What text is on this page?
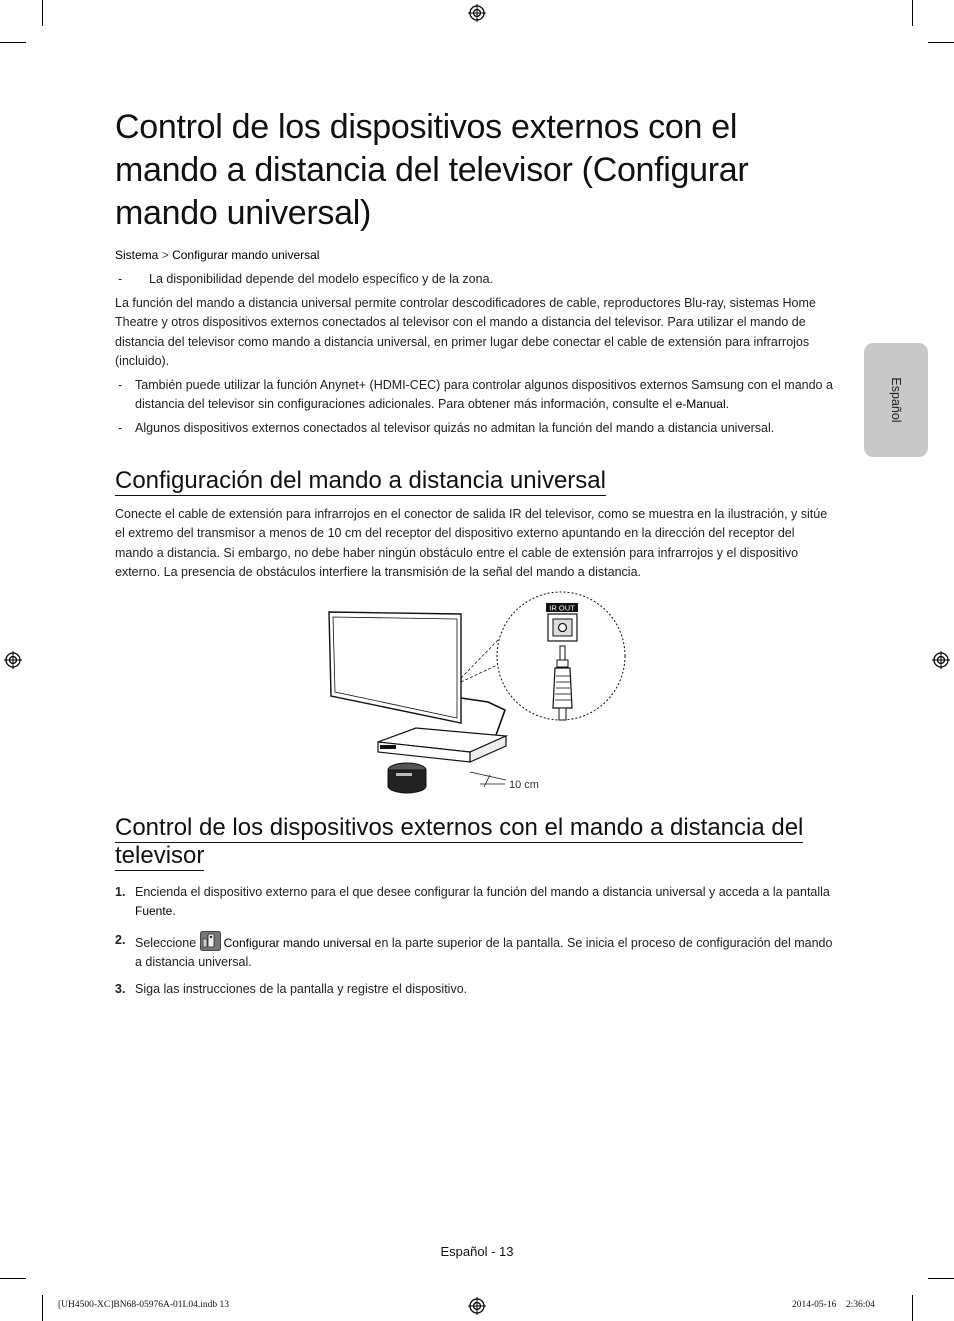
Español
Control de los dispositivos externos con el mando a distancia del televisor (Configurar mando universal)
Sistema > Configurar mando universal
-	La disponibilidad depende del modelo específico y de la zona.

La función del mando a distancia universal permite controlar descodificadores de cable, reproductores Blu-ray, sistemas Home Theatre y otros dispositivos externos conectados al televisor con el mando a distancia del televisor. Para utilizar el mando de distancia del televisor como mando a distancia universal, en primer lugar debe conectar el cable de extensión para infrarrojos (incluido).

-	También puede utilizar la función Anynet+ (HDMI-CEC) para controlar algunos dispositivos externos Samsung con el mando a distancia del televisor sin configuraciones adicionales. Para obtener más información, consulte el e-Manual.
-	Algunos dispositivos externos conectados al televisor quizás no admitan la función del mando a distancia universal.
Configuración del mando a distancia universal

Conecte el cable de extensión para infrarrojos en el conector de salida IR del televisor, como se muestra en la ilustración, y sitúe el extremo del transmisor a menos de 10 cm del receptor del dispositivo externo apuntando en la dirección del receptor del mando a distancia. Si embargo, no debe haber ningún obstáculo entre el cable de extensión para infrarrojos y el dispositivo externo. La presencia de obstáculos interfiere la transmisión de la señal del mando a distancia.

IR OUT
10 cm
Control de los dispositivos externos con el mando a distancia del televisor
1. Encienda el dispositivo externo para el que desee configurar la función del mando a distancia universal y acceda a la pantalla Fuente.
2. Seleccione Configurar mando universal en la parte superior de la pantalla. Se inicia el proceso de configuración del mando a distancia universal.
3. Siga las instrucciones de la pantalla y registre el dispositivo.
Español - 13
[UH4500-XC]BN68-05976A-01L04.indb 13	2014-05-16   2:36:04
